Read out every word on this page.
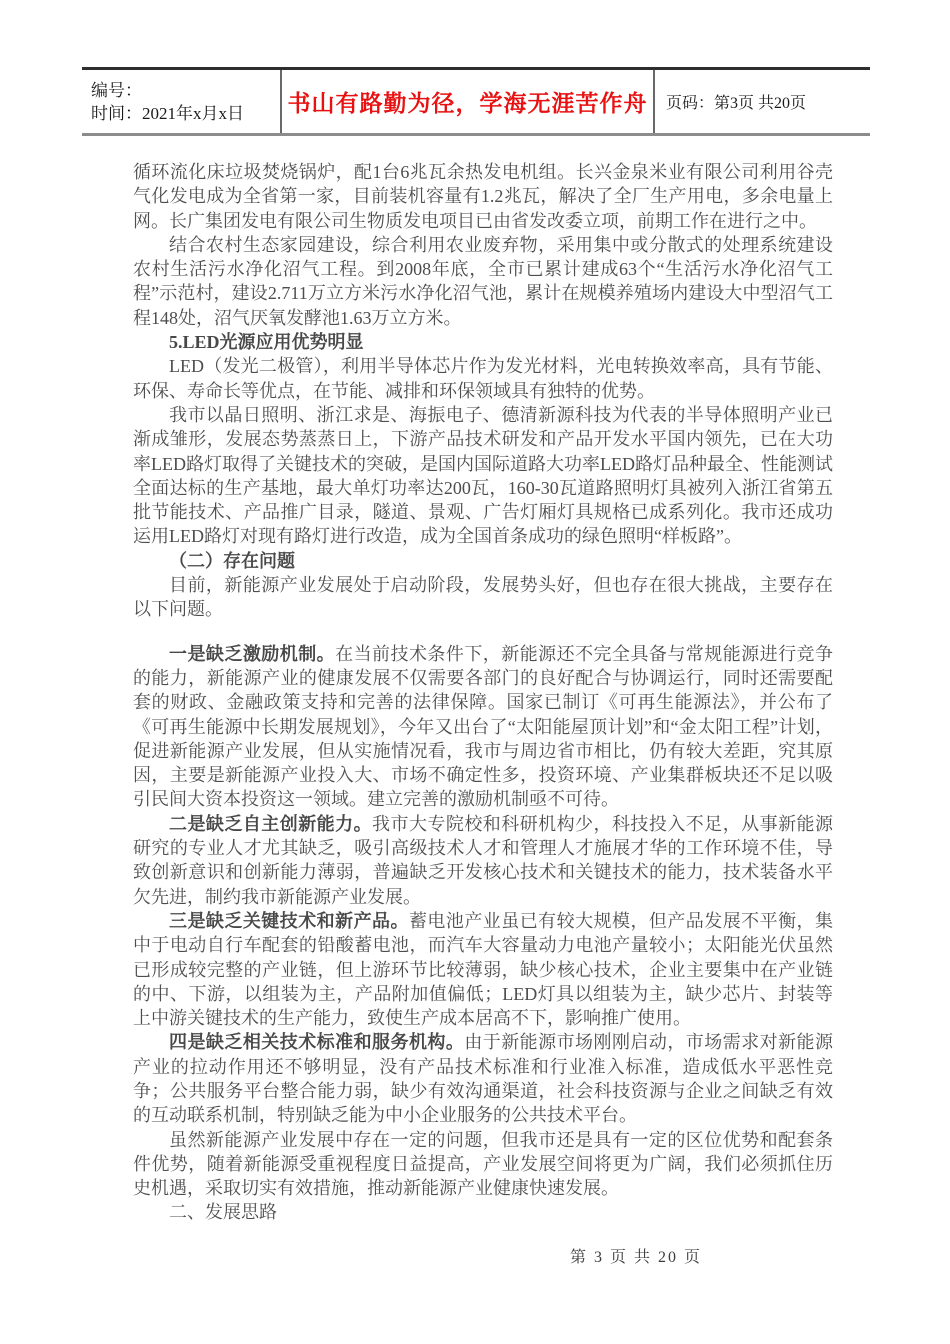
编号：
时间：2021年x月x日	书山有路勤为径，学海无涯苦作舟 页码：第3页 共20页

循环流化床垃圾焚烧锅炉，配1台6兆瓦余热发电机组。长兴金泉米业有限公司利用谷壳气化发电成为全省第一家，目前装机容量有1.2兆瓦，解决了全厂生产用电，多余电量上网。长广集团发电有限公司生物质发电项目已由省发改委立项，前期工作在进行之中。

结合农村生态家园建设，综合利用农业废弃物，采用集中或分散式的处理系统建设农村生活污水净化沼气工程。到2008年底，全市已累计建成63个“生活污水净化沼气工程”示范村，建设2.711万立方米污水净化沼气池，累计在规模养殖场内建设大中型沼气工程148处，沼气厌氧发酵池1.63万立方米。

5.LED光源应用优势明显

LED（发光二极管），利用半导体芯片作为发光材料，光电转换效率高，具有节能、环保、寿命长等优点，在节能、减排和环保领域具有独特的优势。

我市以晶日照明、浙江求是、海振电子、德清新源科技为代表的半导体照明产业已渐成雏形，发展态势蒸蒸日上，下游产品技术研发和产品开发水平国内领先，已在大功率LED路灯取得了关键技术的突破，是国内国际道路大功率LED路灯品种最全、性能测试全面达标的生产基地，最大单灯功率达200瓦，160-30瓦道路照明灯具被列入浙江省第五批节能技术、产品推广目录，隧道、景观、广告灯厢灯具规格已成系列化。我市还成功运用LED路灯对现有路灯进行改造，成为全国首条成功的绿色照明“样板路”。

（二）存在问题

目前，新能源产业发展处于启动阶段，发展势头好，但也存在很大挑战，主要存在以下问题。

一是缺乏激励机制。在当前技术条件下，新能源还不完全具备与常规能源进行竞争的能力，新能源产业的健康发展不仅需要各部门的良好配合与协调运行，同时还需要配套的财政、金融政策支持和完善的法律保障。国家已制订《可再生能源法》，并公布了《可再生能源中长期发展规划》，今年又出台了“太阳能屋顶计划”和“金太阳工程”计划，促进新能源产业发展，但从实施情况看，我市与周边省市相比，仍有较大差距，究其原因，主要是新能源产业投入大、市场不确定性多，投资环境、产业集群板块还不足以吸引民间大资本投资这一领域。建立完善的激励机制亟不可待。

二是缺乏自主创新能力。我市大专院校和科研机构少，科技投入不足，从事新能源研究的专业人才尤其缺乏，吸引高级技术人才和管理人才施展才华的工作环境不佳，导致创新意识和创新能力薄弱，普遍缺乏开发核心技术和关键技术的能力，技术装备水平欠先进，制约我市新能源产业发展。

三是缺乏关键技术和新产品。蓄电池产业虽已有较大规模，但产品发展不平衡，集中于电动自行车配套的铅酸蓄电池，而汽车大容量动力电池产量较小；太阳能光伏虽然已形成较完整的产业链，但上游环节比较薄弱，缺少核心技术，企业主要集中在产业链的中、下游，以组装为主，产品附加值偏低；LED灯具以组装为主，缺少芯片、封装等上中游关键技术的生产能力，致使生产成本居高不下，影响推广使用。

四是缺乏相关技术标准和服务机构。由于新能源市场刚刚启动，市场需求对新能源产业的拉动作用还不够明显，没有产品技术标准和行业准入标准，造成低水平恶性竞争；公共服务平台整合能力弱，缺少有效沟通渠道，社会科技资源与企业之间缺乏有效的互动联系机制，特别缺乏能为中小企业服务的公共技术平台。

虽然新能源产业发展中存在一定的问题，但我市还是具有一定的区位优势和配套条件优势，随着新能源受重视程度日益提高，产业发展空间将更为广阔，我们必须抓住历史机遇，采取切实有效措施，推动新能源产业健康快速发展。

二、发展思路

第 3 页 共 20 页
